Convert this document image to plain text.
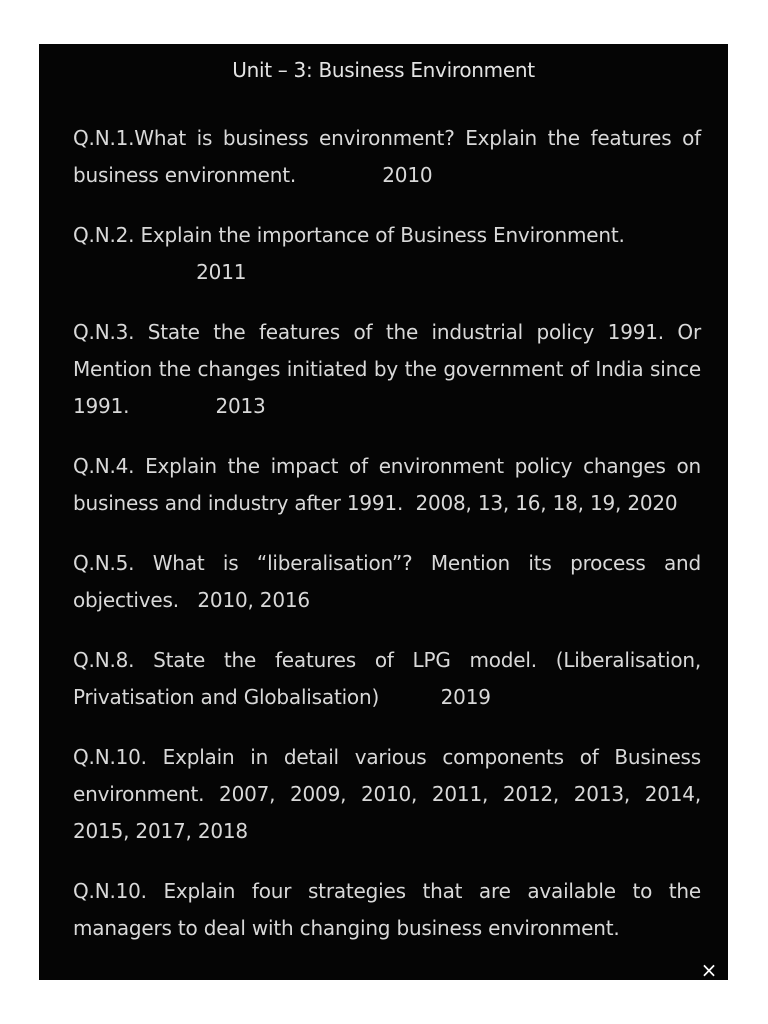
Unit – 3: Business Environment

Q.N.1.What is business environment? Explain the features of business environment.	2010

Q.N.2. Explain the importance of Business Environment.
2011

Q.N.3. State the features of the industrial policy 1991. Or Mention the changes initiated by the government of India since 1991.	2013

Q.N.4. Explain the impact of environment policy changes on business and industry after 1991. 2008, 13, 16, 18, 19, 2020

Q.N.5. What is “liberalisation”? Mention its process and objectives. 2010, 2016

Q.N.8. State the features of LPG model. (Liberalisation, Privatisation and Globalisation)	2019

Q.N.10. Explain in detail various components of Business environment. 2007, 2009, 2010, 2011, 2012, 2013, 2014, 2015, 2017, 2018

Q.N.10. Explain four strategies that are available to the managers to deal with changing business environment.

×
